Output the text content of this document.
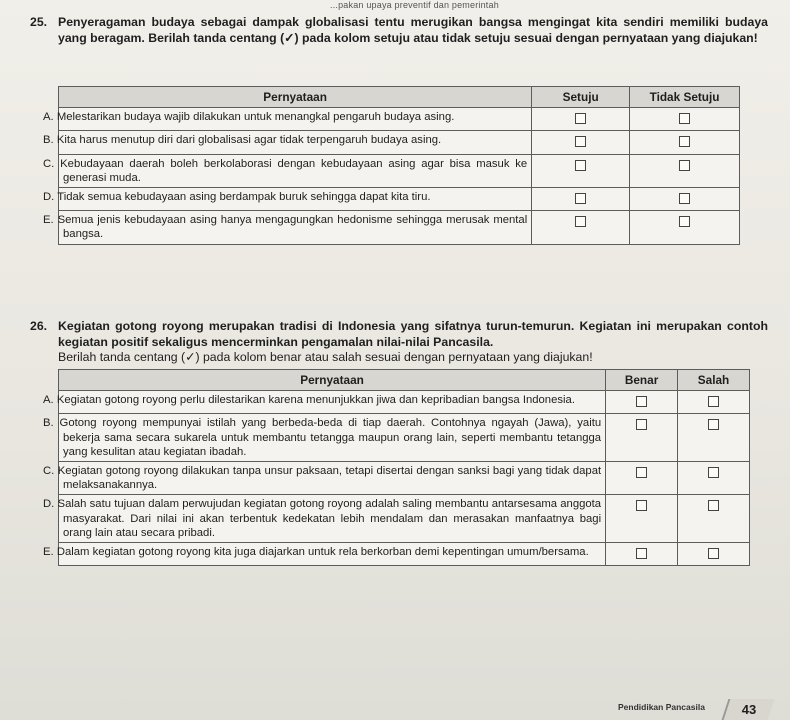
...pakan upaya preventif dan pemerintah
25. Penyeragaman budaya sebagai dampak globalisasi tentu merugikan bangsa mengingat kita sendiri memiliki budaya yang beragam. Berilah tanda centang (✓) pada kolom setuju atau tidak setuju sesuai dengan pernyataan yang diajukan!
Pernyataan	Setuju	Tidak Setuju
A. Melestarikan budaya wajib dilakukan untuk menangkal pengaruh budaya asing.		
B. Kita harus menutup diri dari globalisasi agar tidak terpengaruh budaya asing.		
C. Kebudayaan daerah boleh berkolaborasi dengan kebudayaan asing agar bisa masuk ke generasi muda.		
D. Tidak semua kebudayaan asing berdampak buruk sehingga dapat kita tiru.		
E. Semua jenis kebudayaan asing hanya mengagungkan hedonisme sehingga merusak mental bangsa.		
26. Kegiatan gotong royong merupakan tradisi di Indonesia yang sifatnya turun-temurun. Kegiatan ini merupakan contoh kegiatan positif sekaligus mencerminkan pengamalan nilai-nilai Pancasila.

Berilah tanda centang (✓) pada kolom benar atau salah sesuai dengan pernyataan yang diajukan!

Pernyataan	Benar	Salah
A. Kegiatan gotong royong perlu dilestarikan karena menunjukkan jiwa dan kepribadian bangsa Indonesia.		
B. Gotong royong mempunyai istilah yang berbeda-beda di tiap daerah. Contohnya ngayah (Jawa), yaitu bekerja sama secara sukarela untuk membantu tetangga maupun orang lain, seperti membantu tetangga yang kesulitan atau kegiatan ibadah.		
C. Kegiatan gotong royong dilakukan tanpa unsur paksaan, tetapi disertai dengan sanksi bagi yang tidak dapat melaksanakannya.		
D. Salah satu tujuan dalam perwujudan kegiatan gotong royong adalah saling membantu antarsesama anggota masyarakat. Dari nilai ini akan terbentuk kedekatan lebih mendalam dan merasakan manfaatnya bagi orang lain atau secara pribadi.		
E. Dalam kegiatan gotong royong kita juga diajarkan untuk rela berkorban demi kepentingan umum/bersama.		
Pendidikan Pancasila	43
